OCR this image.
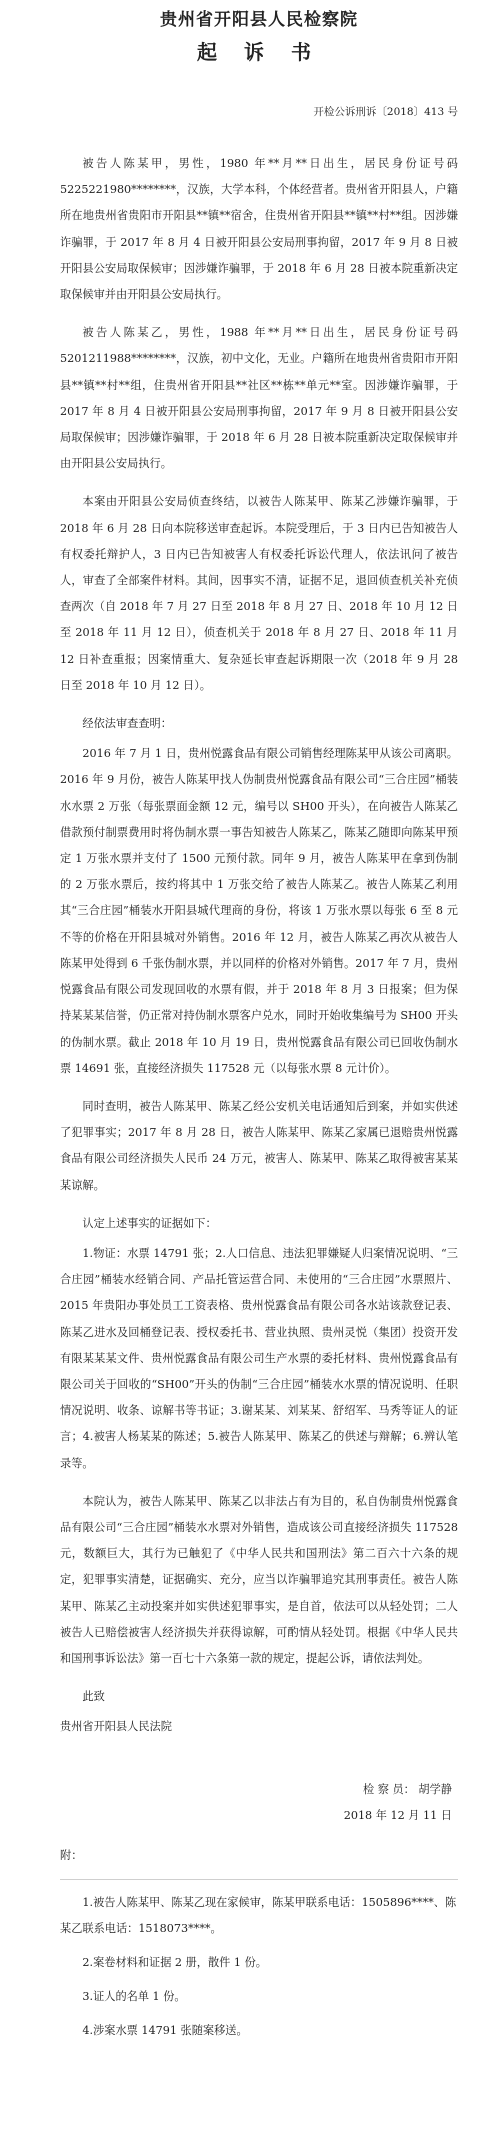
贵州省开阳县人民检察院
起 诉 书
开检公诉刑诉〔2018〕413 号

被告人陈某甲，男性，1980 年**月**日出生，居民身份证号码 5225221980********，汉族，大学本科，个体经营者。贵州省开阳县人，户籍所在地贵州省贵阳市开阳县**镇**宿舍，住贵州省开阳县**镇**村**组。因涉嫌诈骗罪，于 2017 年 8 月 4 日被开阳县公安局刑事拘留，2017 年 9 月 8 日被开阳县公安局取保候审；因涉嫌诈骗罪，于 2018 年 6 月 28 日被本院重新决定取保候审并由开阳县公安局执行。

被告人陈某乙，男性，1988 年**月**日出生，居民身份证号码 5201211988********，汉族，初中文化，无业。户籍所在地贵州省贵阳市开阳县**镇**村**组，住贵州省开阳县**社区**栋**单元**室。因涉嫌诈骗罪，于 2017 年 8 月 4 日被开阳县公安局刑事拘留，2017 年 9 月 8 日被开阳县公安局取保候审；因涉嫌诈骗罪，于 2018 年 6 月 28 日被本院重新决定取保候审并由开阳县公安局执行。

本案由开阳县公安局侦查终结，以被告人陈某甲、陈某乙涉嫌诈骗罪，于 2018 年 6 月 28 日向本院移送审查起诉。本院受理后，于 3 日内已告知被告人有权委托辩护人，3 日内已告知被害人有权委托诉讼代理人，依法讯问了被告人，审查了全部案件材料。其间，因事实不清，证据不足，退回侦查机关补充侦查两次（自 2018 年 7 月 27 日至 2018 年 8 月 27 日、2018 年 10 月 12 日至 2018 年 11 月 12 日），侦查机关于 2018 年 8 月 27 日、2018 年 11 月 12 日补查重报；因案情重大、复杂延长审查起诉期限一次（2018 年 9 月 28 日至 2018 年 10 月 12 日）。

经依法审查查明：

2016 年 7 月 1 日，贵州悦露食品有限公司销售经理陈某甲从该公司离职。2016 年 9 月份，被告人陈某甲找人伪制贵州悦露食品有限公司“三合庄园”桶装水水票 2 万张（每张票面金额 12 元，编号以 SH00 开头），在向被告人陈某乙借款预付制票费用时将伪制水票一事告知被告人陈某乙，陈某乙随即向陈某甲预定 1 万张水票并支付了 1500 元预付款。同年 9 月，被告人陈某甲在拿到伪制的 2 万张水票后，按约将其中 1 万张交给了被告人陈某乙。被告人陈某乙利用其“三合庄园”桶装水开阳县城代理商的身份，将该 1 万张水票以每张 6 至 8 元不等的价格在开阳县城对外销售。2016 年 12 月，被告人陈某乙再次从被告人陈某甲处得到 6 千张伪制水票，并以同样的价格对外销售。2017 年 7 月，贵州悦露食品有限公司发现回收的水票有假，并于 2018 年 8 月 3 日报案；但为保持某某某信誉，仍正常对持伪制水票客户兑水，同时开始收集编号为 SH00 开头的伪制水票。截止 2018 年 10 月 19 日，贵州悦露食品有限公司已回收伪制水票 14691 张，直接经济损失 117528 元（以每张水票 8 元计价）。

同时查明，被告人陈某甲、陈某乙经公安机关电话通知后到案，并如实供述了犯罪事实；2017 年 8 月 28 日，被告人陈某甲、陈某乙家属已退赔贵州悦露食品有限公司经济损失人民币 24 万元，被害人、陈某甲、陈某乙取得被害某某某谅解。

认定上述事实的证据如下：

1.物证：水票 14791 张；2.人口信息、违法犯罪嫌疑人归案情况说明、“三合庄园”桶装水经销合同、产品托管运营合同、未使用的“三合庄园”水票照片、2015 年贵阳办事处员工工资表格、贵州悦露食品有限公司各水站该款登记表、陈某乙进水及回桶登记表、授权委托书、营业执照、贵州灵悦（集团）投资开发有限某某某文件、贵州悦露食品有限公司生产水票的委托材料、贵州悦露食品有限公司关于回收的“SH00”开头的伪制“三合庄园”桶装水水票的情况说明、任职情况说明、收条、谅解书等书证；3.谢某某、刘某某、舒绍军、马秀等证人的证言；4.被害人杨某某的陈述；5.被告人陈某甲、陈某乙的供述与辩解；6.辨认笔录等。

本院认为，被告人陈某甲、陈某乙以非法占有为目的，私自伪制贵州悦露食品有限公司“三合庄园”桶装水水票对外销售，造成该公司直接经济损失 117528 元，数额巨大，其行为已触犯了《中华人民共和国刑法》第二百六十六条的规定，犯罪事实清楚，证据确实、充分，应当以诈骗罪追究其刑事责任。被告人陈某甲、陈某乙主动投案并如实供述犯罪事实，是自首，依法可以从轻处罚；二人被告人已赔偿被害人经济损失并获得谅解，可酌情从轻处罚。根据《中华人民共和国刑事诉讼法》第一百七十六条第一款的规定，提起公诉，请依法判处。

此致

贵州省开阳县人民法院

检 察 员： 胡学静
2018 年 12 月 11 日
附：
1.被告人陈某甲、陈某乙现在家候审，陈某甲联系电话：1505896****、陈某乙联系电话：1518073****。
2.案卷材料和证据 2 册，散件 1 份。
3.证人的名单 1 份。
4.涉案水票 14791 张随案移送。
